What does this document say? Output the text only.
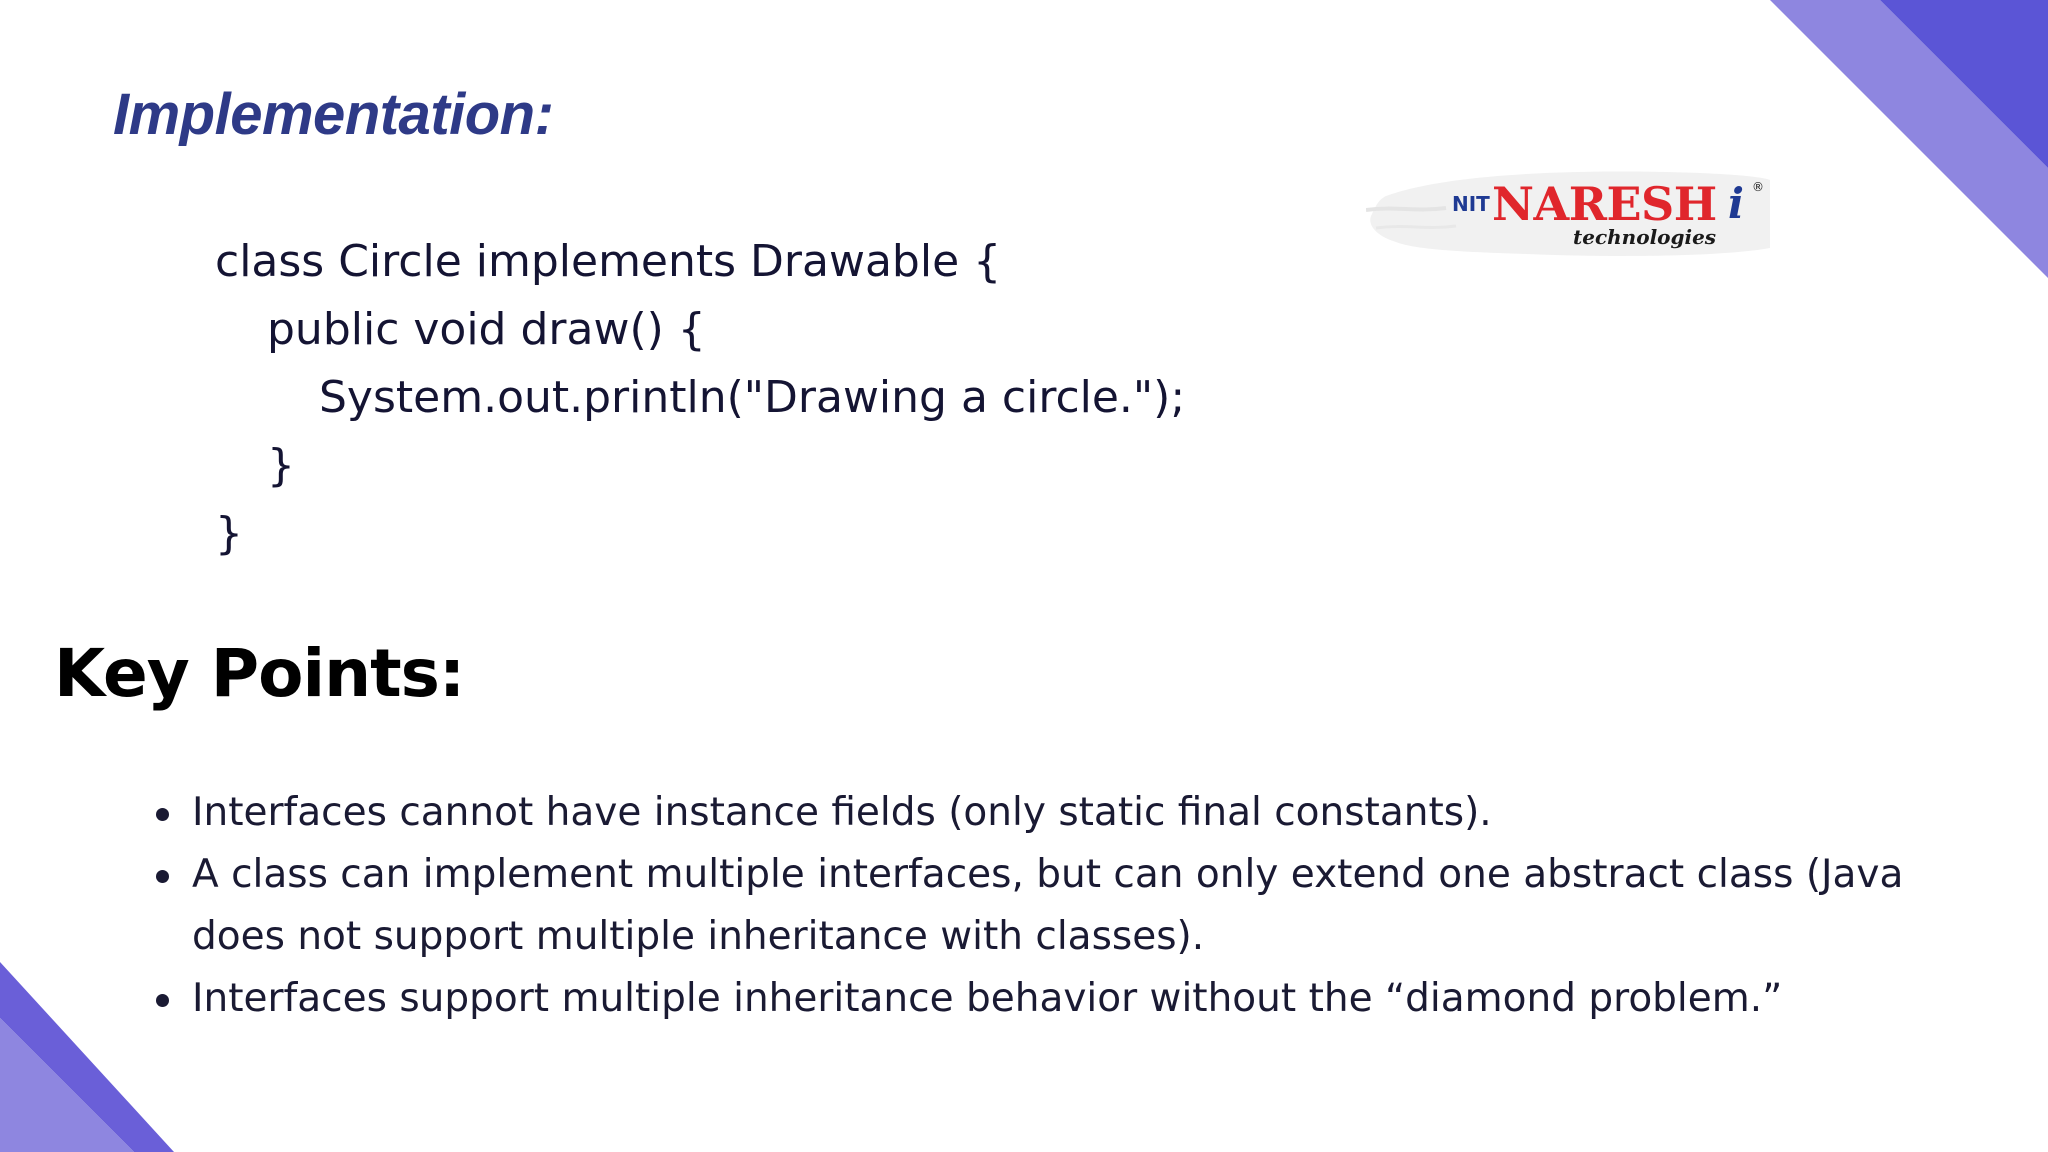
Implementation:
NIT NARESH i ®
technologies
class Circle implements Drawable {
public void draw() {
System.out.println("Drawing a circle.");
}
}
Key Points:
Interfaces cannot have instance fields (only static final constants).
A class can implement multiple interfaces, but can only extend one abstract class (Java does not support multiple inheritance with classes).
Interfaces support multiple inheritance behavior without the “diamond problem.”
